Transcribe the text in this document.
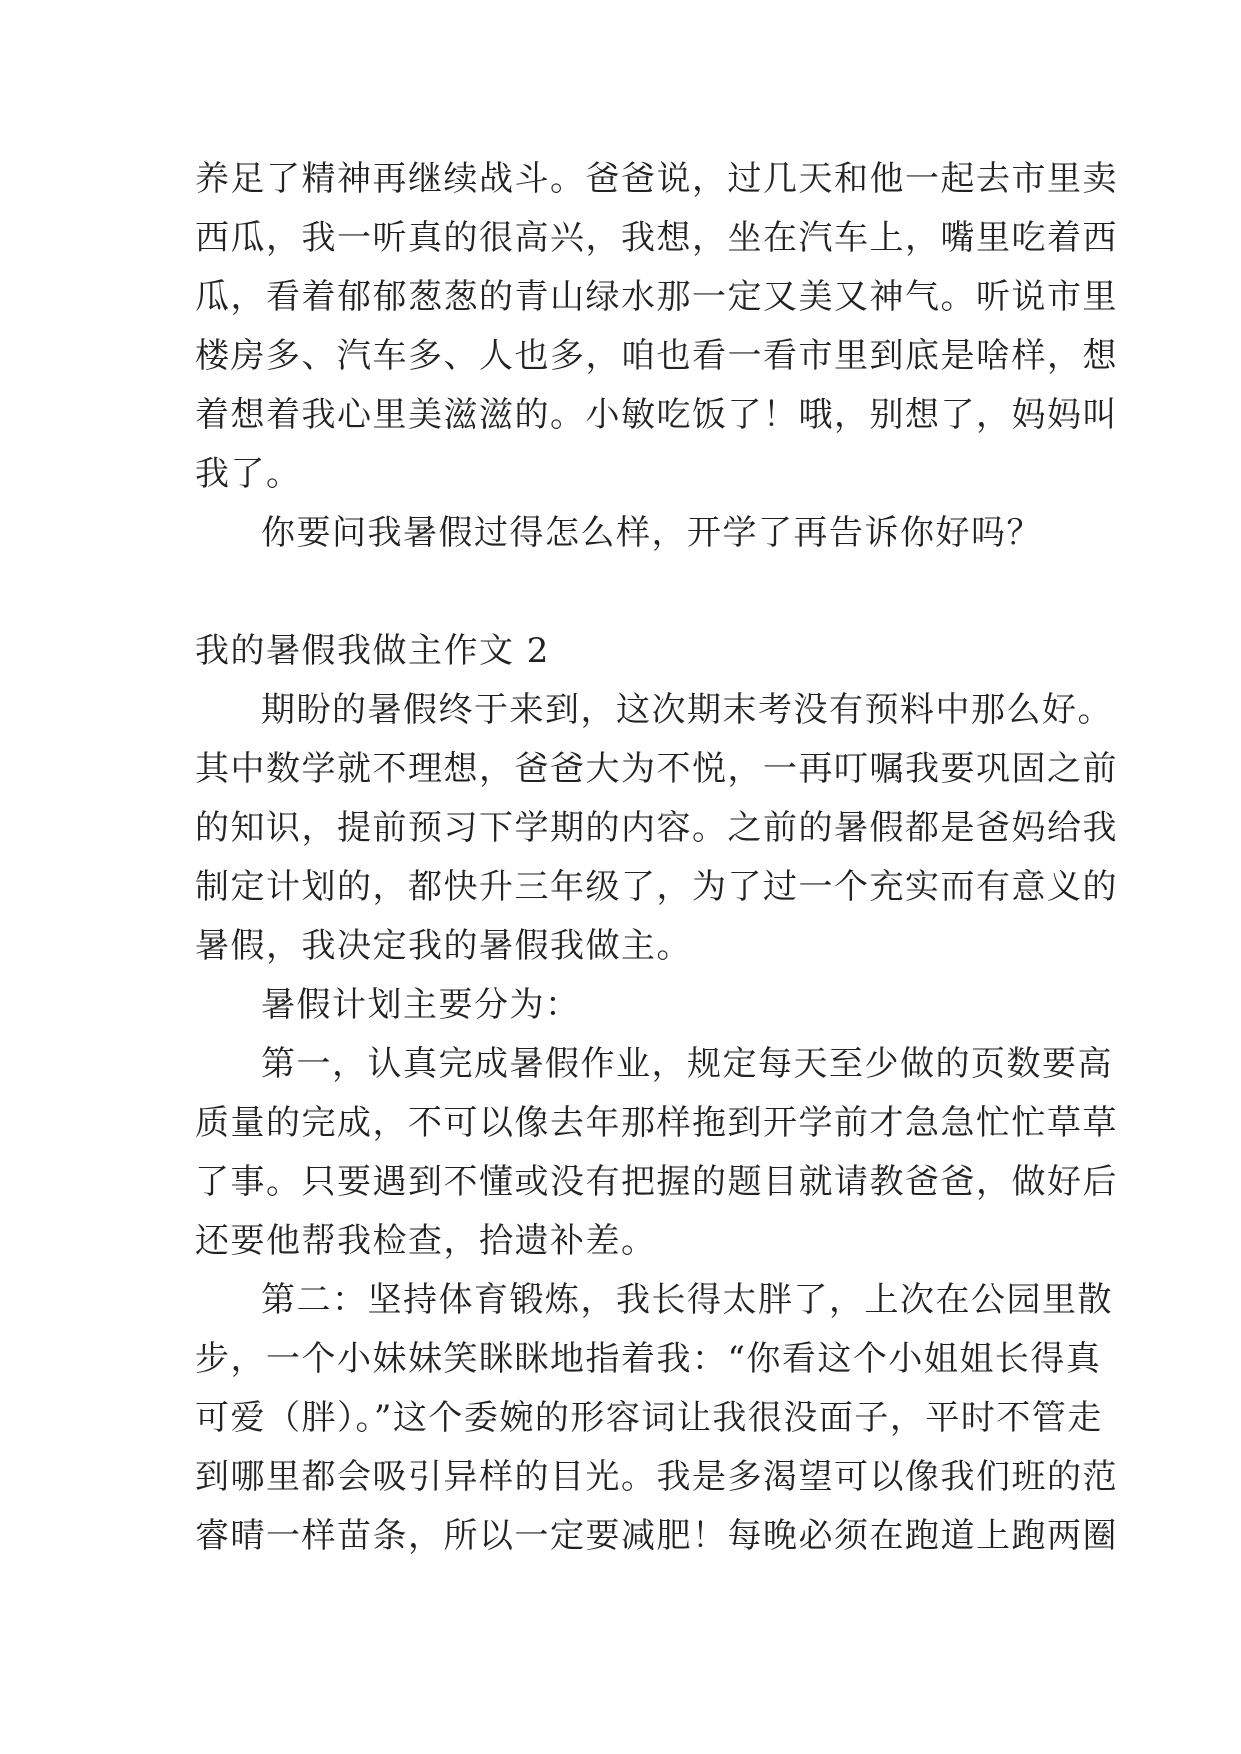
养足了精神再继续战斗。爸爸说，过几天和他一起去市里卖
西瓜，我一听真的很高兴，我想，坐在汽车上，嘴里吃着西
瓜，看着郁郁葱葱的青山绿水那一定又美又神气。听说市里
楼房多、汽车多、人也多，咱也看一看市里到底是啥样，想
着想着我心里美滋滋的。小敏吃饭了！哦，别想了，妈妈叫
我了。
你要问我暑假过得怎么样，开学了再告诉你好吗？
我的暑假我做主作文 2
期盼的暑假终于来到，这次期末考没有预料中那么好。
其中数学就不理想，爸爸大为不悦，一再叮嘱我要巩固之前
的知识，提前预习下学期的内容。之前的暑假都是爸妈给我
制定计划的，都快升三年级了，为了过一个充实而有意义的
暑假，我决定我的暑假我做主。
暑假计划主要分为：
第一，认真完成暑假作业，规定每天至少做的页数要高
质量的完成，不可以像去年那样拖到开学前才急急忙忙草草
了事。只要遇到不懂或没有把握的题目就请教爸爸，做好后
还要他帮我检查，拾遗补差。
第二：坚持体育锻炼，我长得太胖了，上次在公园里散
步，一个小妹妹笑眯眯地指着我：“你看这个小姐姐长得真
可爱（胖）。”这个委婉的形容词让我很没面子，平时不管走
到哪里都会吸引异样的目光。我是多渴望可以像我们班的范
睿晴一样苗条，所以一定要减肥！每晚必须在跑道上跑两圈
